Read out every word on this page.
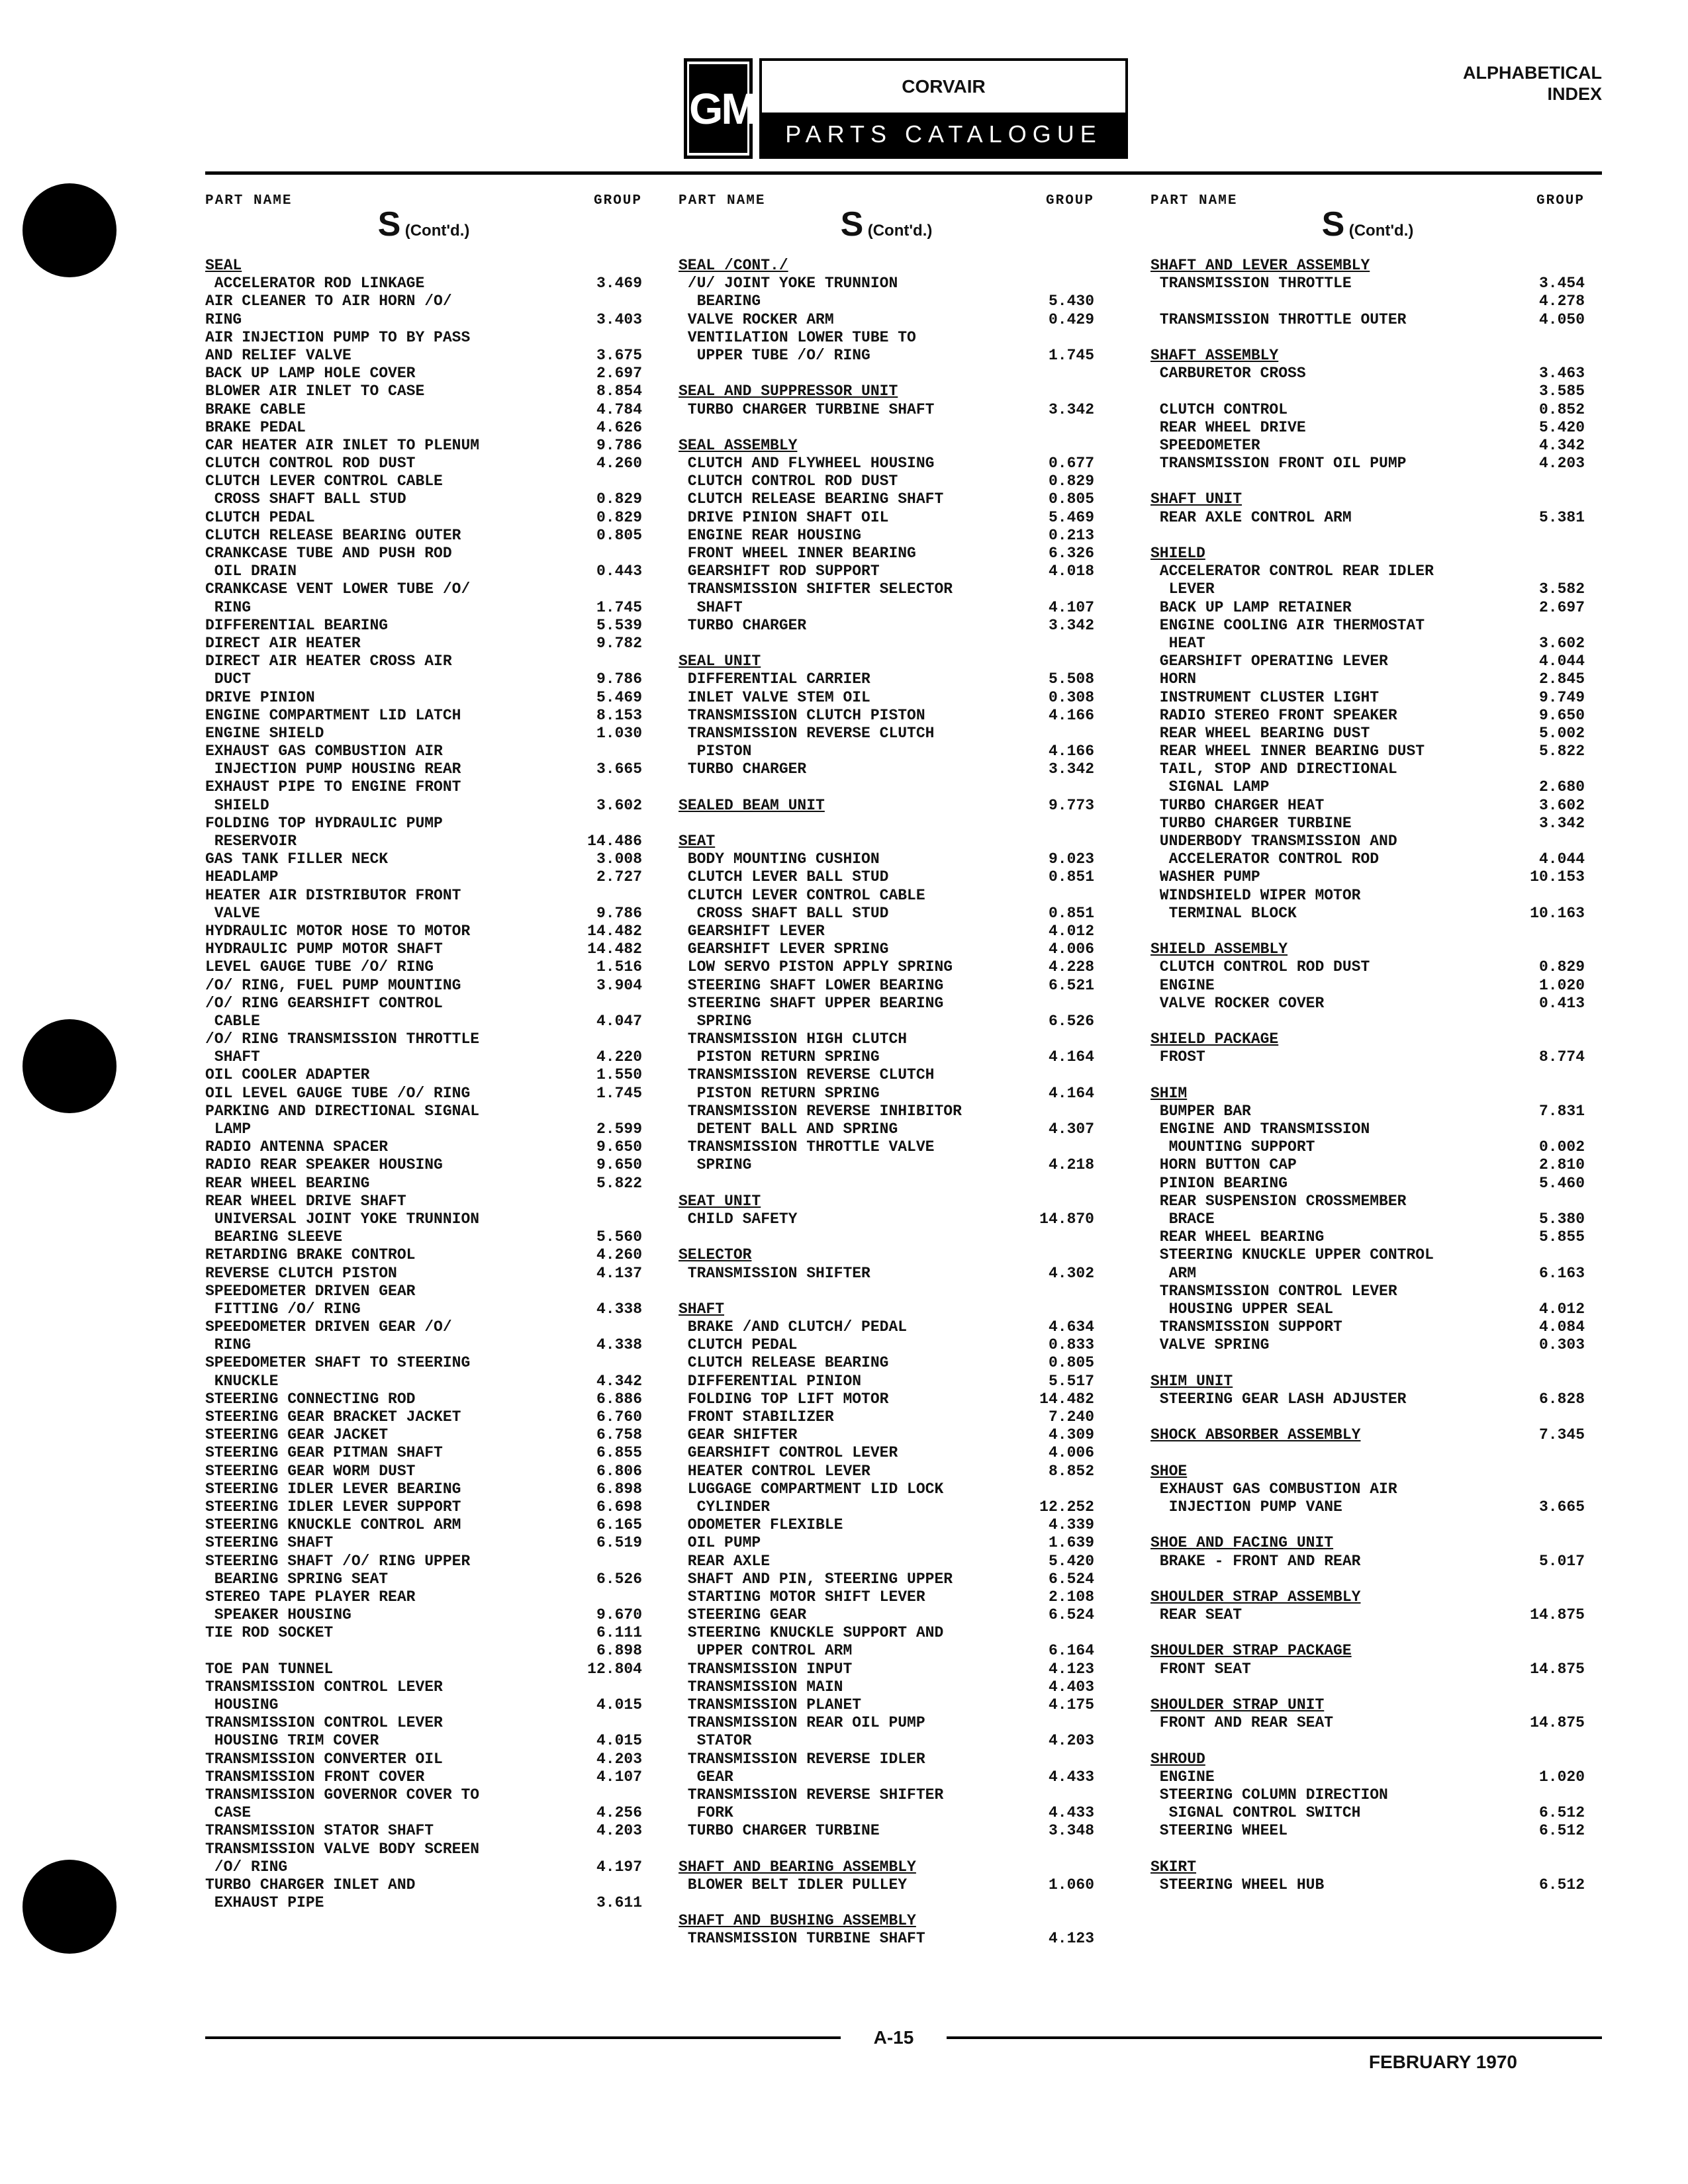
GM	CORVAIR
PARTS CATALOGUE
ALPHABETICAL
INDEX
PART NAME	GROUP
S (Cont'd.)
SEAL
ACCELERATOR ROD LINKAGE	3.469
AIR CLEANER TO AIR HORN /O/
RING	3.403
AIR INJECTION PUMP TO BY PASS
AND RELIEF VALVE	3.675
BACK UP LAMP HOLE COVER	2.697
BLOWER AIR INLET TO CASE	8.854
BRAKE CABLE	4.784
BRAKE PEDAL	4.626
CAR HEATER AIR INLET TO PLENUM	9.786
CLUTCH CONTROL ROD DUST	4.260
CLUTCH LEVER CONTROL CABLE
CROSS SHAFT BALL STUD	0.829
CLUTCH PEDAL	0.829
CLUTCH RELEASE BEARING OUTER	0.805
CRANKCASE TUBE AND PUSH ROD
OIL DRAIN	0.443
CRANKCASE VENT LOWER TUBE /O/
RING	1.745
DIFFERENTIAL BEARING	5.539
DIRECT AIR HEATER	9.782
DIRECT AIR HEATER CROSS AIR
DUCT	9.786
DRIVE PINION	5.469
ENGINE COMPARTMENT LID LATCH	8.153
ENGINE SHIELD	1.030
EXHAUST GAS COMBUSTION AIR
INJECTION PUMP HOUSING REAR	3.665
EXHAUST PIPE TO ENGINE FRONT
SHIELD	3.602
FOLDING TOP HYDRAULIC PUMP
RESERVOIR	14.486
GAS TANK FILLER NECK	3.008
HEADLAMP	2.727
HEATER AIR DISTRIBUTOR FRONT
VALVE	9.786
HYDRAULIC MOTOR HOSE TO MOTOR	14.482
HYDRAULIC PUMP MOTOR SHAFT	14.482
LEVEL GAUGE TUBE /O/ RING	1.516
/O/ RING, FUEL PUMP MOUNTING	3.904
/O/ RING GEARSHIFT CONTROL
CABLE	4.047
/O/ RING TRANSMISSION THROTTLE
SHAFT	4.220
OIL COOLER ADAPTER	1.550
OIL LEVEL GAUGE TUBE /O/ RING	1.745
PARKING AND DIRECTIONAL SIGNAL
LAMP	2.599
RADIO ANTENNA SPACER	9.650
RADIO REAR SPEAKER HOUSING	9.650
REAR WHEEL BEARING	5.822
REAR WHEEL DRIVE SHAFT
UNIVERSAL JOINT YOKE TRUNNION
BEARING SLEEVE	5.560
RETARDING BRAKE CONTROL	4.260
REVERSE CLUTCH PISTON	4.137
SPEEDOMETER DRIVEN GEAR
FITTING /O/ RING	4.338
SPEEDOMETER DRIVEN GEAR /O/
RING	4.338
SPEEDOMETER SHAFT TO STEERING
KNUCKLE	4.342
STEERING CONNECTING ROD	6.886
STEERING GEAR BRACKET JACKET	6.760
STEERING GEAR JACKET	6.758
STEERING GEAR PITMAN SHAFT	6.855
STEERING GEAR WORM DUST	6.806
STEERING IDLER LEVER BEARING	6.898
STEERING IDLER LEVER SUPPORT	6.698
STEERING KNUCKLE CONTROL ARM	6.165
STEERING SHAFT	6.519
STEERING SHAFT /O/ RING UPPER
BEARING SPRING SEAT	6.526
STEREO TAPE PLAYER REAR
SPEAKER HOUSING	9.670
TIE ROD SOCKET	6.111
6.898
TOE PAN TUNNEL	12.804
TRANSMISSION CONTROL LEVER
HOUSING	4.015
TRANSMISSION CONTROL LEVER
HOUSING TRIM COVER	4.015
TRANSMISSION CONVERTER OIL	4.203
TRANSMISSION FRONT COVER	4.107
TRANSMISSION GOVERNOR COVER TO
CASE	4.256
TRANSMISSION STATOR SHAFT	4.203
TRANSMISSION VALVE BODY SCREEN
/O/ RING	4.197
TURBO CHARGER INLET AND
EXHAUST PIPE	3.611
PART NAME	GROUP
S (Cont'd.)
SEAL /CONT./
/U/ JOINT YOKE TRUNNION
BEARING	5.430
VALVE ROCKER ARM	0.429
VENTILATION LOWER TUBE TO
UPPER TUBE /O/ RING	1.745
SEAL AND SUPPRESSOR UNIT
TURBO CHARGER TURBINE SHAFT	3.342
SEAL ASSEMBLY
CLUTCH AND FLYWHEEL HOUSING	0.677
CLUTCH CONTROL ROD DUST	0.829
CLUTCH RELEASE BEARING SHAFT	0.805
DRIVE PINION SHAFT OIL	5.469
ENGINE REAR HOUSING	0.213
FRONT WHEEL INNER BEARING	6.326
GEARSHIFT ROD SUPPORT	4.018
TRANSMISSION SHIFTER SELECTOR
SHAFT	4.107
TURBO CHARGER	3.342
SEAL UNIT
DIFFERENTIAL CARRIER	5.508
INLET VALVE STEM OIL	0.308
TRANSMISSION CLUTCH PISTON	4.166
TRANSMISSION REVERSE CLUTCH
PISTON	4.166
TURBO CHARGER	3.342
SEALED BEAM UNIT	9.773
SEAT
BODY MOUNTING CUSHION	9.023
CLUTCH LEVER BALL STUD	0.851
CLUTCH LEVER CONTROL CABLE
CROSS SHAFT BALL STUD	0.851
GEARSHIFT LEVER	4.012
GEARSHIFT LEVER SPRING	4.006
LOW SERVO PISTON APPLY SPRING	4.228
STEERING SHAFT LOWER BEARING	6.521
STEERING SHAFT UPPER BEARING
SPRING	6.526
TRANSMISSION HIGH CLUTCH
PISTON RETURN SPRING	4.164
TRANSMISSION REVERSE CLUTCH
PISTON RETURN SPRING	4.164
TRANSMISSION REVERSE INHIBITOR
DETENT BALL AND SPRING	4.307
TRANSMISSION THROTTLE VALVE
SPRING	4.218
SEAT UNIT
CHILD SAFETY	14.870
SELECTOR
TRANSMISSION SHIFTER	4.302
SHAFT
BRAKE /AND CLUTCH/ PEDAL	4.634
CLUTCH PEDAL	0.833
CLUTCH RELEASE BEARING	0.805
DIFFERENTIAL PINION	5.517
FOLDING TOP LIFT MOTOR	14.482
FRONT STABILIZER	7.240
GEAR SHIFTER	4.309
GEARSHIFT CONTROL LEVER	4.006
HEATER CONTROL LEVER	8.852
LUGGAGE COMPARTMENT LID LOCK
CYLINDER	12.252
ODOMETER FLEXIBLE	4.339
OIL PUMP	1.639
REAR AXLE	5.420
SHAFT AND PIN, STEERING UPPER	6.524
STARTING MOTOR SHIFT LEVER	2.108
STEERING GEAR	6.524
STEERING KNUCKLE SUPPORT AND
UPPER CONTROL ARM	6.164
TRANSMISSION INPUT	4.123
TRANSMISSION MAIN	4.403
TRANSMISSION PLANET	4.175
TRANSMISSION REAR OIL PUMP
STATOR	4.203
TRANSMISSION REVERSE IDLER
GEAR	4.433
TRANSMISSION REVERSE SHIFTER
FORK	4.433
TURBO CHARGER TURBINE	3.348
SHAFT AND BEARING ASSEMBLY
BLOWER BELT IDLER PULLEY	1.060
SHAFT AND BUSHING ASSEMBLY
TRANSMISSION TURBINE SHAFT	4.123
PART NAME	GROUP
S (Cont'd.)
SHAFT AND LEVER ASSEMBLY
TRANSMISSION THROTTLE	3.454
4.278
TRANSMISSION THROTTLE OUTER	4.050
SHAFT ASSEMBLY
CARBURETOR CROSS	3.463
3.585
CLUTCH CONTROL	0.852
REAR WHEEL DRIVE	5.420
SPEEDOMETER	4.342
TRANSMISSION FRONT OIL PUMP	4.203
SHAFT UNIT
REAR AXLE CONTROL ARM	5.381
SHIELD
ACCELERATOR CONTROL REAR IDLER
LEVER	3.582
BACK UP LAMP RETAINER	2.697
ENGINE COOLING AIR THERMOSTAT
HEAT	3.602
GEARSHIFT OPERATING LEVER	4.044
HORN	2.845
INSTRUMENT CLUSTER LIGHT	9.749
RADIO STEREO FRONT SPEAKER	9.650
REAR WHEEL BEARING DUST	5.002
REAR WHEEL INNER BEARING DUST	5.822
TAIL, STOP AND DIRECTIONAL
SIGNAL LAMP	2.680
TURBO CHARGER HEAT	3.602
TURBO CHARGER TURBINE	3.342
UNDERBODY TRANSMISSION AND
ACCELERATOR CONTROL ROD	4.044
WASHER PUMP	10.153
WINDSHIELD WIPER MOTOR
TERMINAL BLOCK	10.163
SHIELD ASSEMBLY
CLUTCH CONTROL ROD DUST	0.829
ENGINE	1.020
VALVE ROCKER COVER	0.413
SHIELD PACKAGE
FROST	8.774
SHIM
BUMPER BAR	7.831
ENGINE AND TRANSMISSION
MOUNTING SUPPORT	0.002
HORN BUTTON CAP	2.810
PINION BEARING	5.460
REAR SUSPENSION CROSSMEMBER
BRACE	5.380
REAR WHEEL BEARING	5.855
STEERING KNUCKLE UPPER CONTROL
ARM	6.163
TRANSMISSION CONTROL LEVER
HOUSING UPPER SEAL	4.012
TRANSMISSION SUPPORT	4.084
VALVE SPRING	0.303
SHIM UNIT
STEERING GEAR LASH ADJUSTER	6.828
SHOCK ABSORBER ASSEMBLY	7.345
SHOE
EXHAUST GAS COMBUSTION AIR
INJECTION PUMP VANE	3.665
SHOE AND FACING UNIT
BRAKE - FRONT AND REAR	5.017
SHOULDER STRAP ASSEMBLY
REAR SEAT	14.875
SHOULDER STRAP PACKAGE
FRONT SEAT	14.875
SHOULDER STRAP UNIT
FRONT AND REAR SEAT	14.875
SHROUD
ENGINE	1.020
STEERING COLUMN DIRECTION
SIGNAL CONTROL SWITCH	6.512
STEERING WHEEL	6.512
SKIRT
STEERING WHEEL HUB	6.512
A-15
FEBRUARY 1970
